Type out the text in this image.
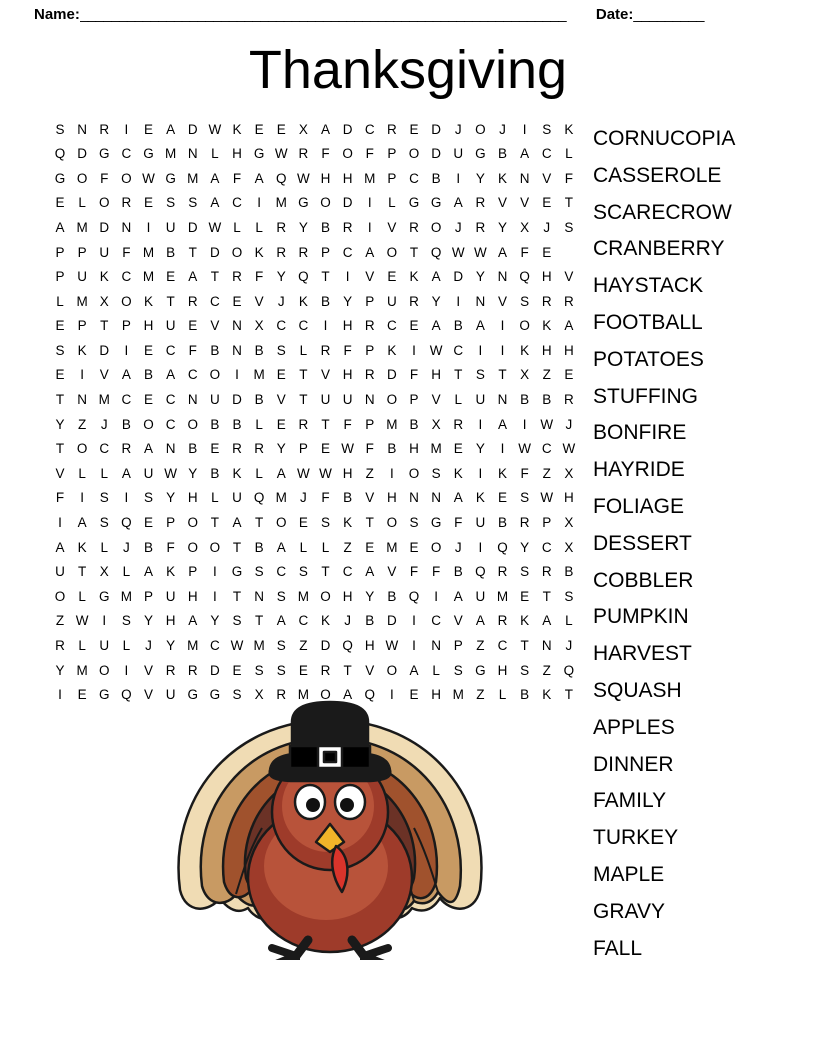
Name: ______________________________________________________________	Date: _________
Thanksgiving
S N R	I	E A D W K E E X A D C R E D	J O	J	I	S K
Q D G C G M N L	H G W R F O F P O D U G B A C L
G O F O W G M A	F A Q W H H M P C B	I	Y K N V	F
E	L O R E S S A C	I	M G O D	I	L G G A R V V E	T
A M D N	I	U D W L	L	R Y B R	I	V R O	J	R Y X	J	S
P P U F M B	T D O K R R P C A O T Q W W A	F E
P U K C M E A	T R F Y Q T	I	V E K A D Y N Q H V
L M X O K	T R C E V	J	K B Y P U R Y	I	N V S R R
E P	T P H U E V N X C C	I	H R C E A B A	I	O K A
S K D	I	E C F B N B S	L	R F P K	I	W C	I	I	K H H
E	I	V A B A C O	I	M E	T V H R D F H T S	T X	Z E
T N M C E C N U D B V	T U U N O P V	L	U N B B R
Y	Z	J	B O C O B B	L	E R T	F P M B X R	I	A	I	W J
T O C R A N B E R R Y P E W F B H M E Y	I	W C W
V	L	L	A U W Y B K	L	A W W H Z	I	O S K	I	K	F	Z X
F	I	S	I	S Y H L	U Q M J	F B V H N N A K E S W H
I	A S Q E P O T A	T O E S K	T O S G F U B R P X
A K	L	J	B	F O O T B A	L	L	Z E M E O	J	I	Q Y C X
U T X	L	A K P	I	G S C S	T C A V	F	F B Q R S R B
O L G M P U H	I	T N S M O H Y B Q	I	A U M E	T S
Z W	I	S Y H A Y S	T A C K	J	B D	I	C V A R K A	L
R L	U L	J	Y M C W M S	Z D Q H W	I	N P	Z C T N	J
Y M O	I	V R R D E S S E R T V O A	L	S G H S	Z Q
I	E G Q V U G G S X R M O A Q	I	E H M Z	L	B K	T
CORNUCOPIA
CASSEROLE
SCARECROW
CRANBERRY
HAYSTACK
FOOTBALL
POTATOES
STUFFING
BONFIRE
HAYRIDE
FOLIAGE
DESSERT
COBBLER
PUMPKIN
HARVEST
SQUASH
APPLES
DINNER
FAMILY
TURKEY
MAPLE
GRAVY
FALL
